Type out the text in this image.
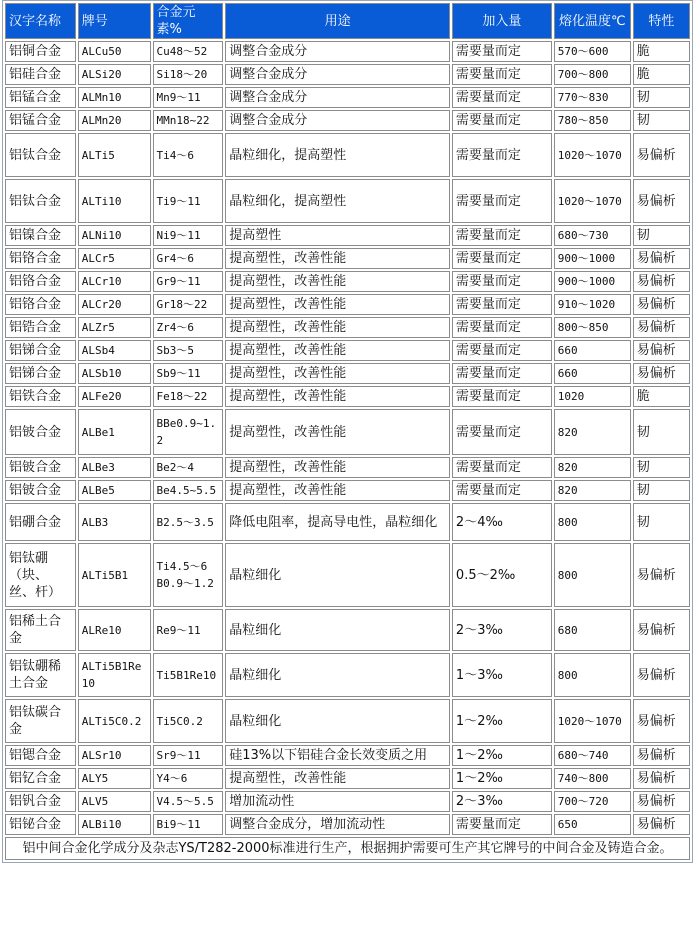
汉字名称	牌号	合金元素%	用途	加入量	熔化温度℃	特性
铝铜合金	ALCu50	Cu48～52	调整合金成分	需要量而定	570～600	脆
铝硅合金	ALSi20	Si18～20	调整合金成分	需要量而定	700～800	脆
铝锰合金	ALMn10	Mn9～11	调整合金成分	需要量而定	770～830	韧
铝锰合金	ALMn20	MMn18~22	调整合金成分	需要量而定	780～850	韧
铝钛合金	ALTi5	Ti4～6	晶粒细化，提高塑性	需要量而定	1020～1070	易偏析
铝钛合金	ALTi10	Ti9～11	晶粒细化，提高塑性	需要量而定	1020～1070	易偏析
铝镍合金	ALNi10	Ni9～11	提高塑性	需要量而定	680～730	韧
铝铬合金	ALCr5	Gr4～6	提高塑性，改善性能	需要量而定	900～1000	易偏析
铝铬合金	ALCr10	Gr9～11	提高塑性，改善性能	需要量而定	900～1000	易偏析
铝铬合金	ALCr20	Gr18～22	提高塑性，改善性能	需要量而定	910～1020	易偏析
铝锆合金	ALZr5	Zr4～6	提高塑性，改善性能	需要量而定	800～850	易偏析
铝锑合金	ALSb4	Sb3～5	提高塑性，改善性能	需要量而定	660	易偏析
铝锑合金	ALSb10	Sb9～11	提高塑性，改善性能	需要量而定	660	易偏析
铝铁合金	ALFe20	Fe18～22	提高塑性，改善性能	需要量而定	1020	脆
铝铍合金	ALBe1	BBe0.9~1.2	提高塑性，改善性能	需要量而定	820	韧
铝铍合金	ALBe3	Be2～4	提高塑性，改善性能	需要量而定	820	韧
铝铍合金	ALBe5	Be4.5~5.5	提高塑性，改善性能	需要量而定	820	韧
铝硼合金	ALB3	B2.5～3.5	降低电阻率，提高导电性，晶粒细化	2～4‰	800	韧
铝钛硼（块、丝、杆）	ALTi5B1	Ti4.5～6 B0.9～1.2	晶粒细化	0.5～2‰	800	易偏析
铝稀土合金	ALRe10	Re9～11	晶粒细化	2～3‰	680	易偏析
铝钛硼稀土合金	ALTi5B1Re10	Ti5B1Re10	晶粒细化	1～3‰	800	易偏析
铝钛碳合金	ALTi5C0.2	Ti5C0.2	晶粒细化	1～2‰	1020～1070	易偏析
铝锶合金	ALSr10	Sr9～11	硅13%以下铝硅合金长效变质之用	1～2‰	680～740	易偏析
铝钇合金	ALY5	Y4～6	提高塑性，改善性能	1～2‰	740～800	易偏析
铝钒合金	ALV5	V4.5～5.5	增加流动性	2～3‰	700～720	易偏析
铝铋合金	ALBi10	Bi9～11	调整合金成分，增加流动性	需要量而定	650	易偏析
铝中间合金化学成分及杂志YS/T282-2000标准进行生产，根据拥护需要可生产其它牌号的中间合金及铸造合金。						
